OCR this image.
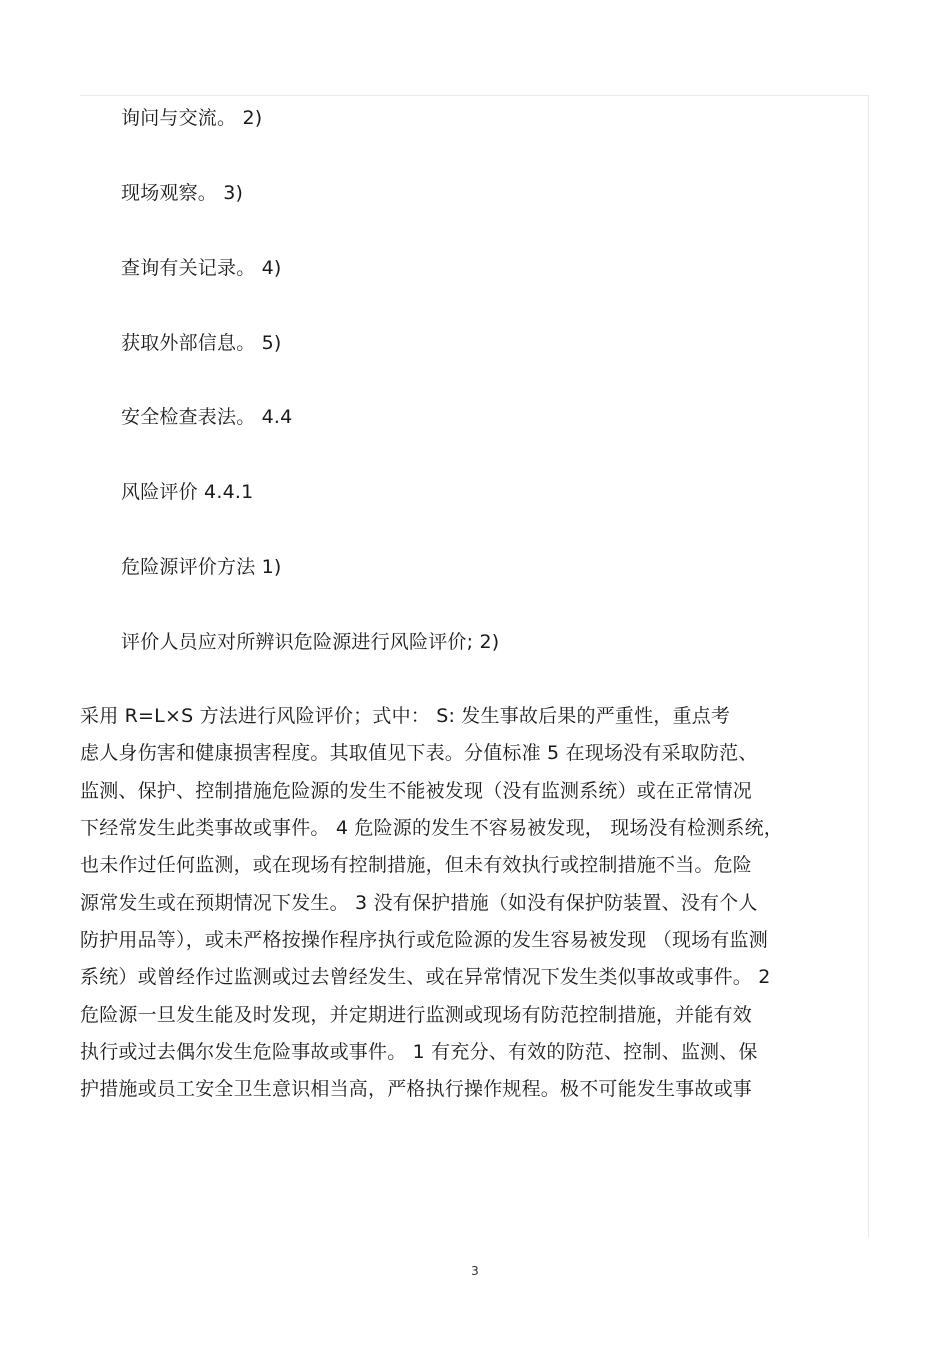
询问与交流。 2)
现场观察。 3)
查询有关记录。 4)
获取外部信息。 5)
安全检查表法。 4.4
风险评价 4.4.1
危险源评价方法 1)
评价人员应对所辨识危险源进行风险评价; 2)
采用 R=L×S 方法进行风险评价；式中： S: 发生事故后果的严重性，重点考
虑人身伤害和健康损害程度。其取值见下表。分值标准 5 在现场没有采取防范、
监测、保护、控制措施危险源的发生不能被发现（没有监测系统）或在正常情况
下经常发生此类事故或事件。 4 危险源的发生不容易被发现， 现场没有检测系统，
也未作过任何监测，或在现场有控制措施，但未有效执行或控制措施不当。危险
源常发生或在预期情况下发生。 3 没有保护措施（如没有保护防装置、没有个人
防护用品等），或未严格按操作程序执行或危险源的发生容易被发现 （现场有监测
系统）或曾经作过监测或过去曾经发生、或在异常情况下发生类似事故或事件。 2
危险源一旦发生能及时发现，并定期进行监测或现场有防范控制措施，并能有效
执行或过去偶尔发生危险事故或事件。 1 有充分、有效的防范、控制、监测、保
护措施或员工安全卫生意识相当高，严格执行操作规程。极不可能发生事故或事
3
